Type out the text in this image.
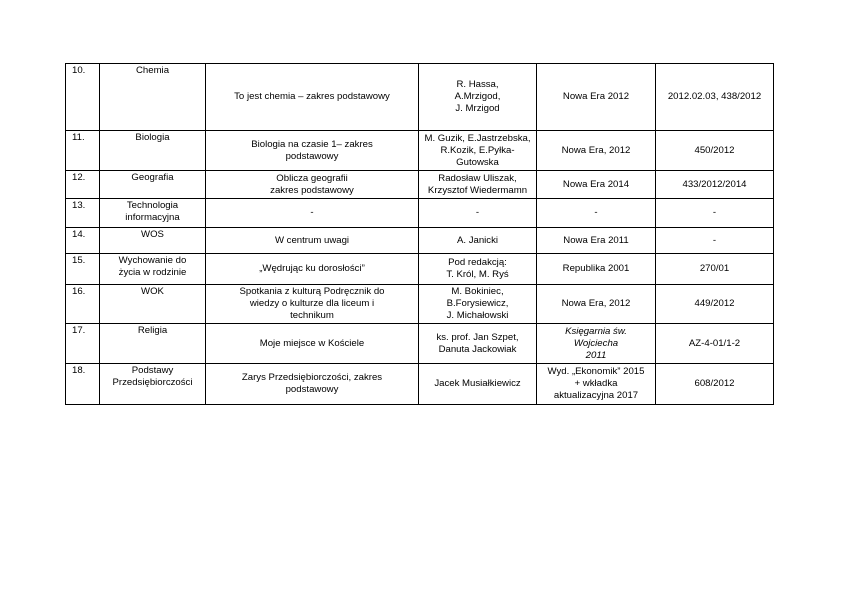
10.	Chemia	To jest chemia – zakres podstawowy	R. Hassa,
A.Mrzigod,
J. Mrzigod	Nowa Era 2012	2012.02.03, 438/2012

11.	Biologia	Biologia na czasie 1– zakres
podstawowy	M. Guzik, E.Jastrzebska,
R.Kozik, E.Pyłka-Gutowska	Nowa Era, 2012	450/2012

12.	Geografia	Oblicza geografii
zakres podstawowy	Radosław Uliszak,
Krzysztof Wiedermamn	Nowa Era 2014	433/2012/2014

13.	Technologia
informacyjna	-	-	-	-

14.	WOS	W centrum uwagi	A. Janicki	Nowa Era 2011	-

15.	Wychowanie do
życia w rodzinie	„Wędrując ku dorosłości”	Pod redakcją:
T. Król, M. Ryś	Republika 2001	270/01

16.	WOK	Spotkania z kulturą Podręcznik do
wiedzy o kulturze dla liceum i
technikum	M. Bokiniec, B.Forysiewicz,
J. Michałowski	Nowa Era, 2012	449/2012

17.	Religia	Moje miejsce w Kościele	ks. prof. Jan Szpet,
Danuta Jackowiak	Księgarnia św.
Wojciecha
2011	AZ-4-01/1-2

18.	Podstawy
Przedsiębiorczości	Zarys Przedsiębiorczości, zakres
podstawowy	Jacek Musiałkiewicz	Wyd. „Ekonomik” 2015
+ wkładka
aktualizacyjna 2017	608/2012
